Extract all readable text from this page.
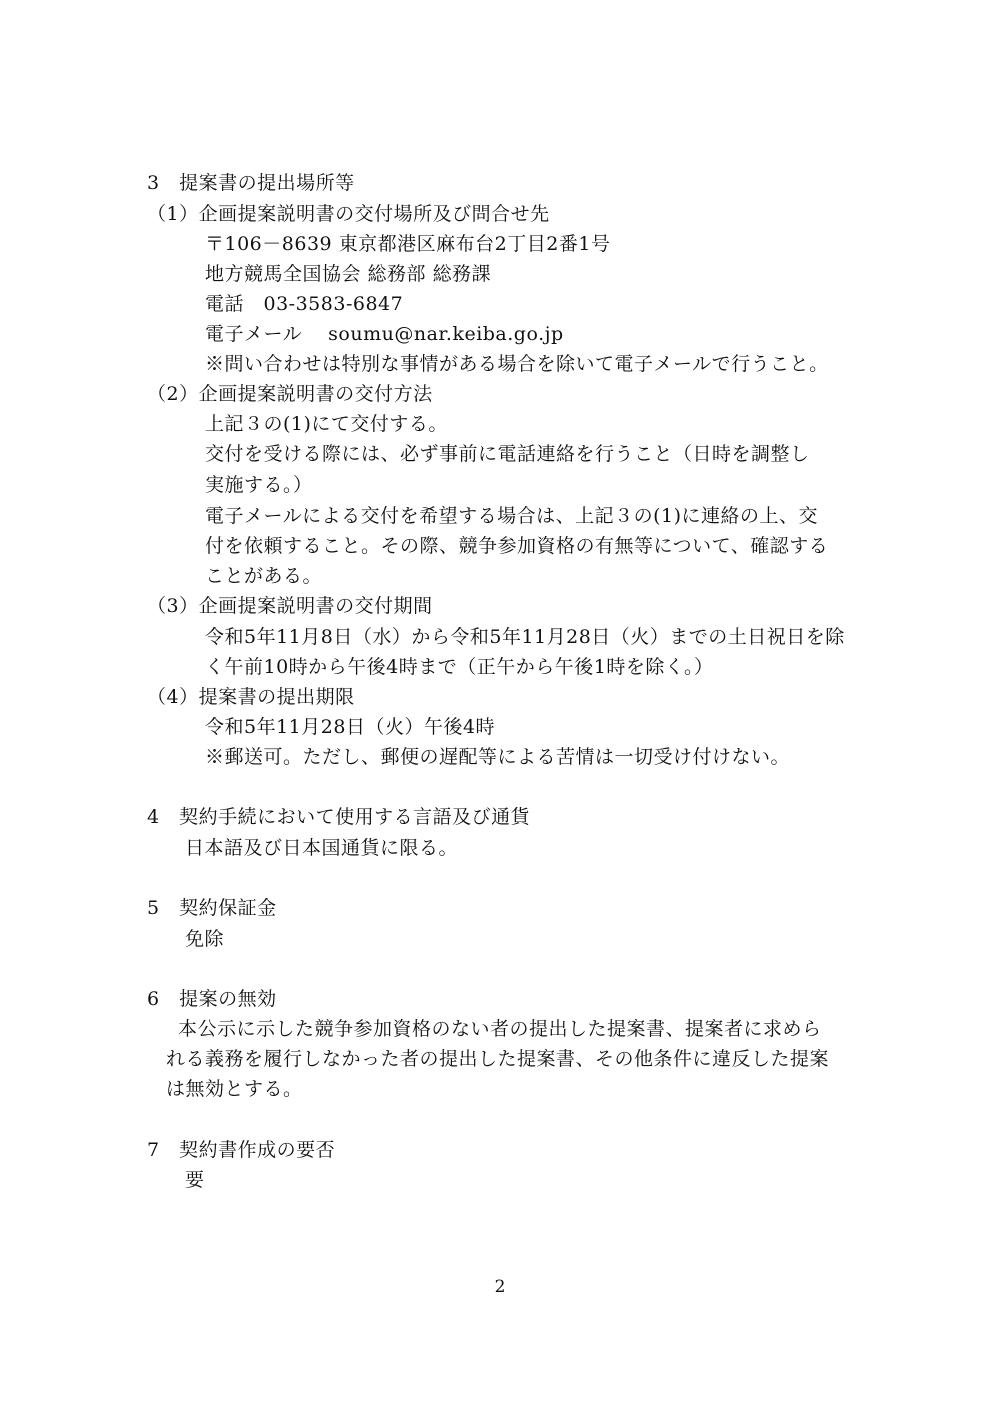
3　提案書の提出場所等
（1）企画提案説明書の交付場所及び問合せ先
〒106－8639 東京都港区麻布台2丁目2番1号
地方競馬全国協会 総務部 総務課
電話　03-3583-6847
電子メール　 soumu@nar.keiba.go.jp
※問い合わせは特別な事情がある場合を除いて電子メールで行うこと。
（2）企画提案説明書の交付方法
上記３の(1)にて交付する。
交付を受ける際には、必ず事前に電話連絡を行うこと（日時を調整し
実施する。）
電子メールによる交付を希望する場合は、上記３の(1)に連絡の上、交
付を依頼すること。その際、競争参加資格の有無等について、確認する
ことがある。
（3）企画提案説明書の交付期間
令和5年11月8日（水）から令和5年11月28日（火）までの土日祝日を除
く午前10時から午後4時まで（正午から午後1時を除く。）
（4）提案書の提出期限
令和5年11月28日（火）午後4時
※郵送可。ただし、郵便の遅配等による苦情は一切受け付けない。
4　契約手続において使用する言語及び通貨
日本語及び日本国通貨に限る。
5　契約保証金
免除
6　提案の無効
本公示に示した競争参加資格のない者の提出した提案書、提案者に求めら
れる義務を履行しなかった者の提出した提案書、その他条件に違反した提案
は無効とする。
7　契約書作成の要否
要
2
